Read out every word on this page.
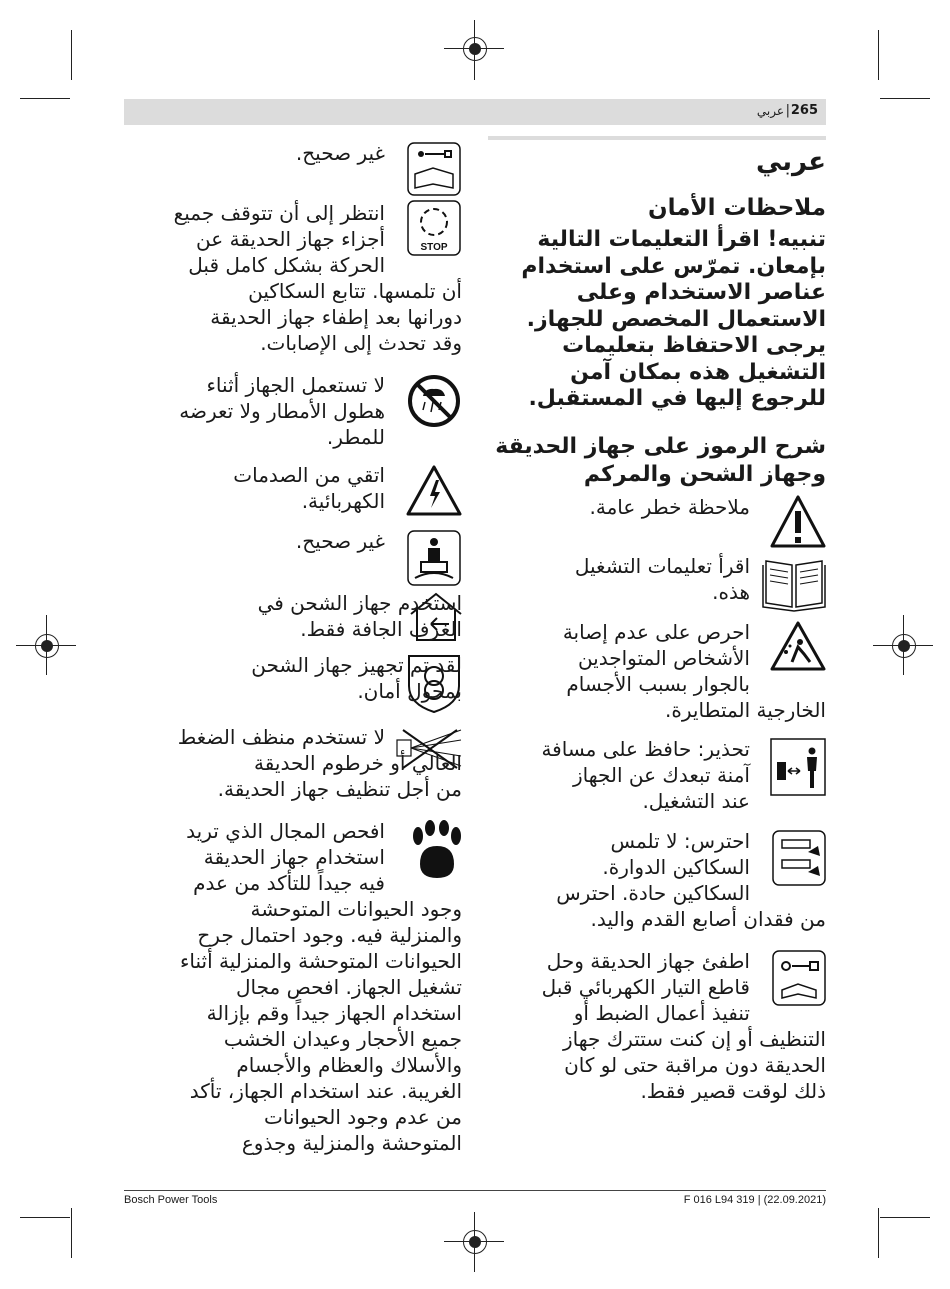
265
|
عربي
عربي
ملاحظات الأمان
تنبيه! اقرأ التعليمات التالية
بإمعان. تمرّس على استخدام
عناصر الاستخدام وعلى
الاستعمال المخصص للجهاز.
يرجى الاحتفاظ بتعليمات
التشغيل هذه بمكان آمن
للرجوع إليها في المستقبل.
شرح الرموز على جهاز الحديقة
وجهاز الشحن والمركم
ملاحظة خطر عامة.
اقرأ تعليمات التشغيل
هذه.
احرص على عدم إصابة
الأشخاص المتواجدين
بالجوار بسبب الأجسام
الخارجية المتطايرة.
تحذير: حافظ على مسافة
آمنة تبعدك عن الجهاز
عند التشغيل.
احترس: لا تلمس
السكاكين الدوارة.
السكاكين حادة. احترس
من فقدان أصابع القدم واليد.
اطفئ جهاز الحديقة وحل
قاطع التيار الكهربائي قبل
تنفيذ أعمال الضبط أو
التنظيف أو إن كنت ستترك جهاز
الحديقة دون مراقبة حتى لو كان
ذلك لوقت قصير فقط.
غير صحيح.
STOP
انتظر إلى أن تتوقف جميع
أجزاء جهاز الحديقة عن
الحركة بشكل كامل قبل
أن تلمسها. تتابع السكاكين
دورانها بعد إطفاء جهاز الحديقة
وقد تحدث إلى الإصابات.
لا تستعمل الجهاز أثناء
هطول الأمطار ولا تعرضه
للمطر.
اتقي من الصدمات
الكهربائية.
غير صحيح.
استخدم جهاز الشحن في
الغرف الجافة فقط.
لقد تم تجهيز جهاز الشحن
بمحول أمان.
لا تستخدم منظف الضغط
العالي أو خرطوم الحديقة
من أجل تنظيف جهاز الحديقة.
افحص المجال الذي تريد
استخدام جهاز الحديقة
فيه جيداً للتأكد من عدم
وجود الحيوانات المتوحشة
والمنزلية فيه. وجود احتمال جرح
الحيوانات المتوحشة والمنزلية أثناء
تشغيل الجهاز. افحص مجال
استخدام الجهاز جيداً وقم بإزالة
جميع الأحجار وعيدان الخشب
والأسلاك والعظام والأجسام
الغريبة. عند استخدام الجهاز، تأكد
من عدم وجود الحيوانات
المتوحشة والمنزلية وجذوع
Bosch Power Tools	F 016 L94 319 | (22.09.2021)
